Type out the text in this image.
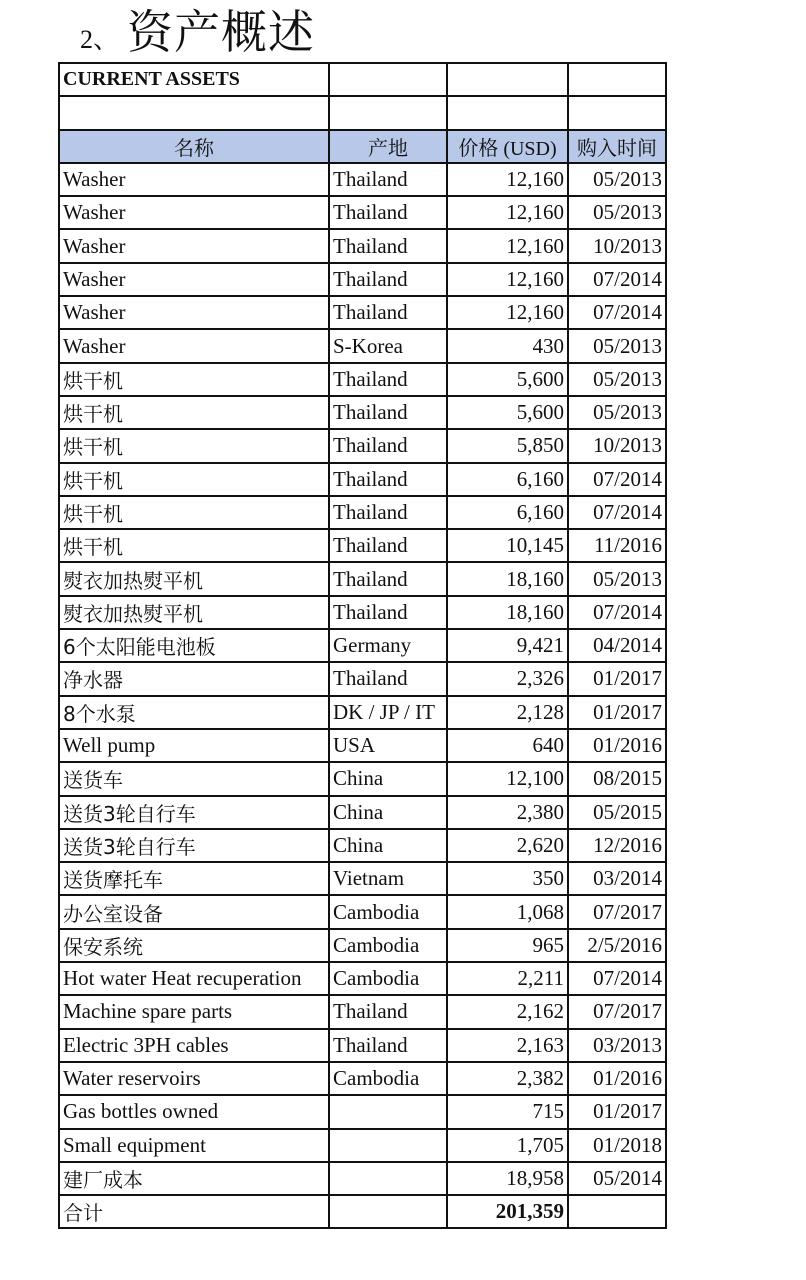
2、 资产概述
CURRENT ASSETS			

名称	产地	价格 (USD)	购入时间
Washer	Thailand	12,160	05/2013
Washer	Thailand	12,160	05/2013
Washer	Thailand	12,160	10/2013
Washer	Thailand	12,160	07/2014
Washer	Thailand	12,160	07/2014
Washer	S-Korea	430	05/2013
烘干机	Thailand	5,600	05/2013
烘干机	Thailand	5,600	05/2013
烘干机	Thailand	5,850	10/2013
烘干机	Thailand	6,160	07/2014
烘干机	Thailand	6,160	07/2014
烘干机	Thailand	10,145	11/2016
熨衣加热熨平机	Thailand	18,160	05/2013
熨衣加热熨平机	Thailand	18,160	07/2014
6个太阳能电池板	Germany	9,421	04/2014
净水器	Thailand	2,326	01/2017
8个水泵	DK / JP / IT	2,128	01/2017
Well pump	USA	640	01/2016
送货车	China	12,100	08/2015
送货3轮自行车	China	2,380	05/2015
送货3轮自行车	China	2,620	12/2016
送货摩托车	Vietnam	350	03/2014
办公室设备	Cambodia	1,068	07/2017
保安系统	Cambodia	965	2/5/2016
Hot water Heat recuperation	Cambodia	2,211	07/2014
Machine spare parts	Thailand	2,162	07/2017
Electric 3PH cables	Thailand	2,163	03/2013
Water reservoirs	Cambodia	2,382	01/2016
Gas bottles owned		715	01/2017
Small equipment		1,705	01/2018
建厂成本		18,958	05/2014
合计		201,359	
